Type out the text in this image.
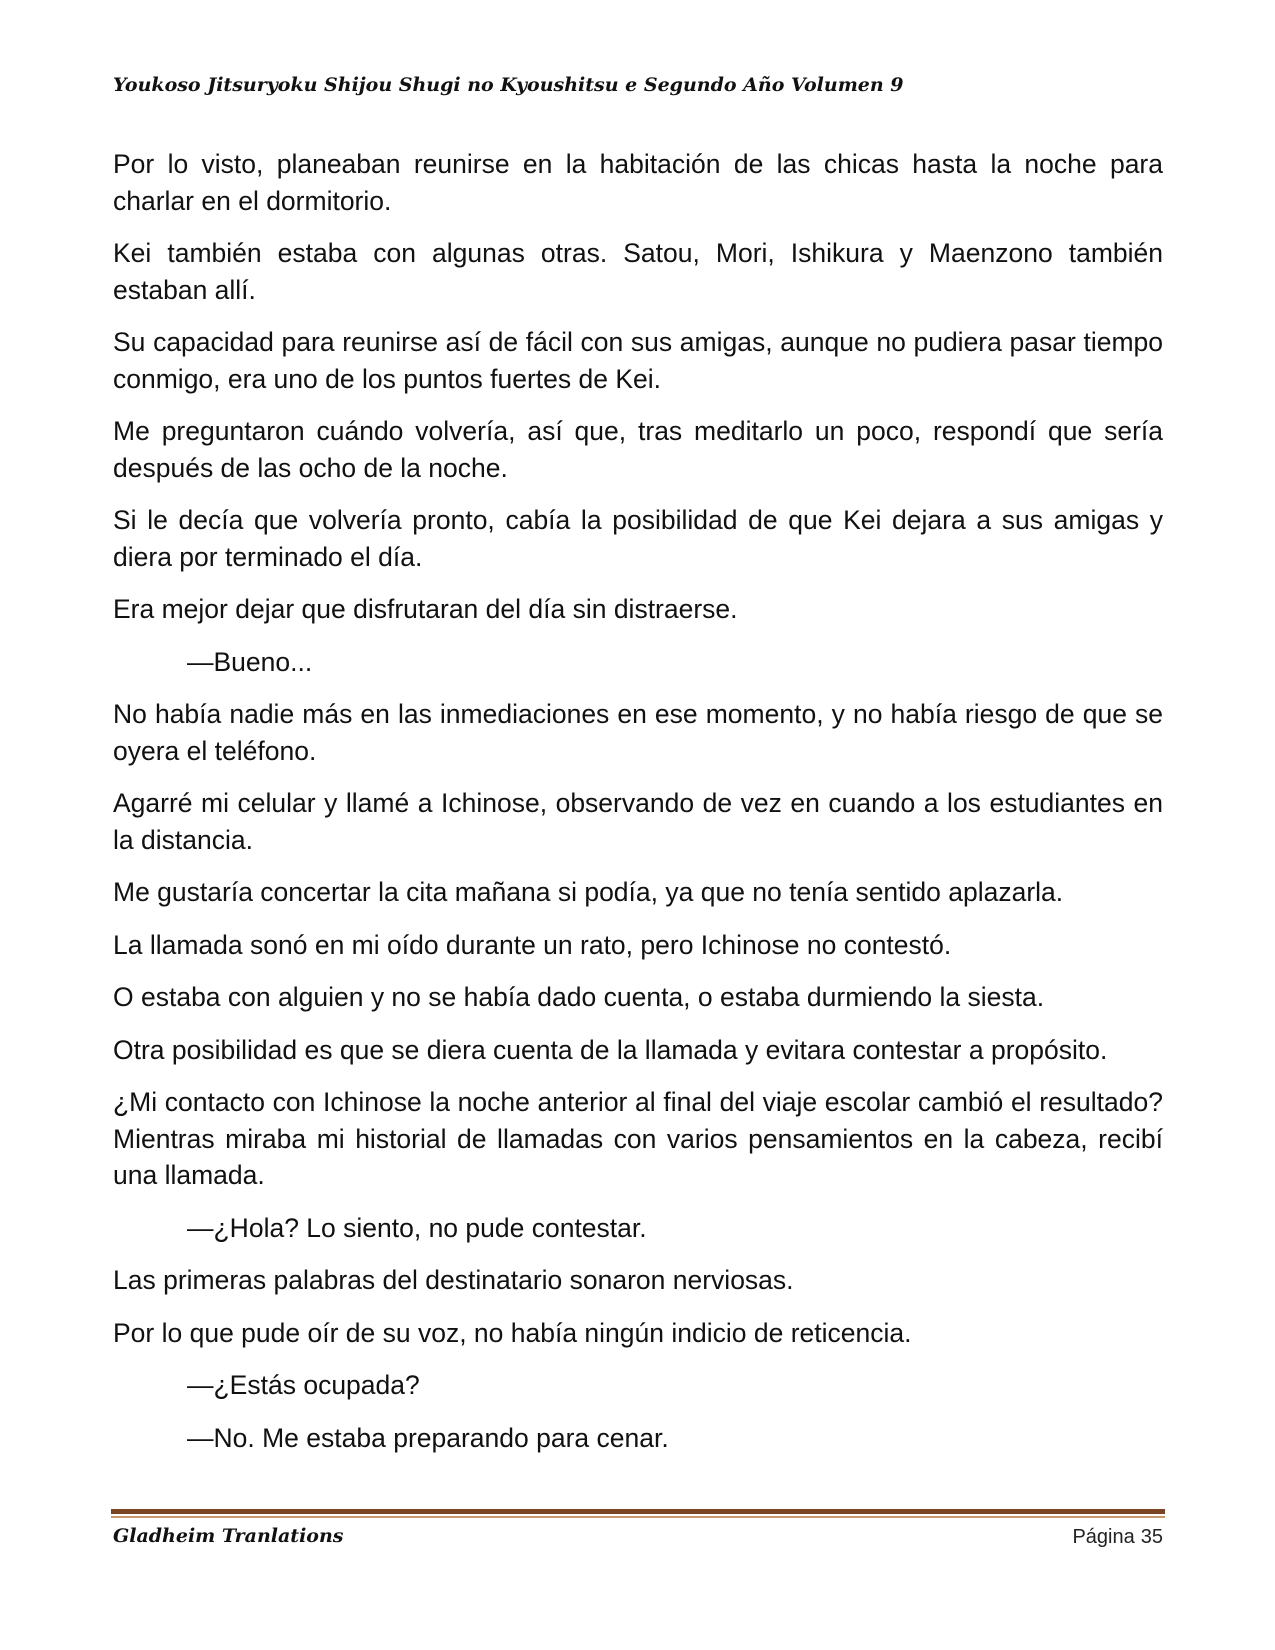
Youkoso Jitsuryoku Shijou Shugi no Kyoushitsu e Segundo Año Volumen 9

Por lo visto, planeaban reunirse en la habitación de las chicas hasta la noche para charlar en el dormitorio.

Kei también estaba con algunas otras. Satou, Mori, Ishikura y Maenzono también estaban allí.

Su capacidad para reunirse así de fácil con sus amigas, aunque no pudiera pasar tiempo conmigo, era uno de los puntos fuertes de Kei.

Me preguntaron cuándo volvería, así que, tras meditarlo un poco, respondí que sería después de las ocho de la noche.

Si le decía que volvería pronto, cabía la posibilidad de que Kei dejara a sus amigas y diera por terminado el día.

Era mejor dejar que disfrutaran del día sin distraerse.

—Bueno...

No había nadie más en las inmediaciones en ese momento, y no había riesgo de que se oyera el teléfono.

Agarré mi celular y llamé a Ichinose, observando de vez en cuando a los estudiantes en la distancia.

Me gustaría concertar la cita mañana si podía, ya que no tenía sentido aplazarla.

La llamada sonó en mi oído durante un rato, pero Ichinose no contestó.

O estaba con alguien y no se había dado cuenta, o estaba durmiendo la siesta.

Otra posibilidad es que se diera cuenta de la llamada y evitara contestar a propósito.

¿Mi contacto con Ichinose la noche anterior al final del viaje escolar cambió el resultado? Mientras miraba mi historial de llamadas con varios pensamientos en la cabeza, recibí una llamada.

—¿Hola? Lo siento, no pude contestar.

Las primeras palabras del destinatario sonaron nerviosas.

Por lo que pude oír de su voz, no había ningún indicio de reticencia.

—¿Estás ocupada?

—No. Me estaba preparando para cenar.

Gladheim Tranlations	Página 35
